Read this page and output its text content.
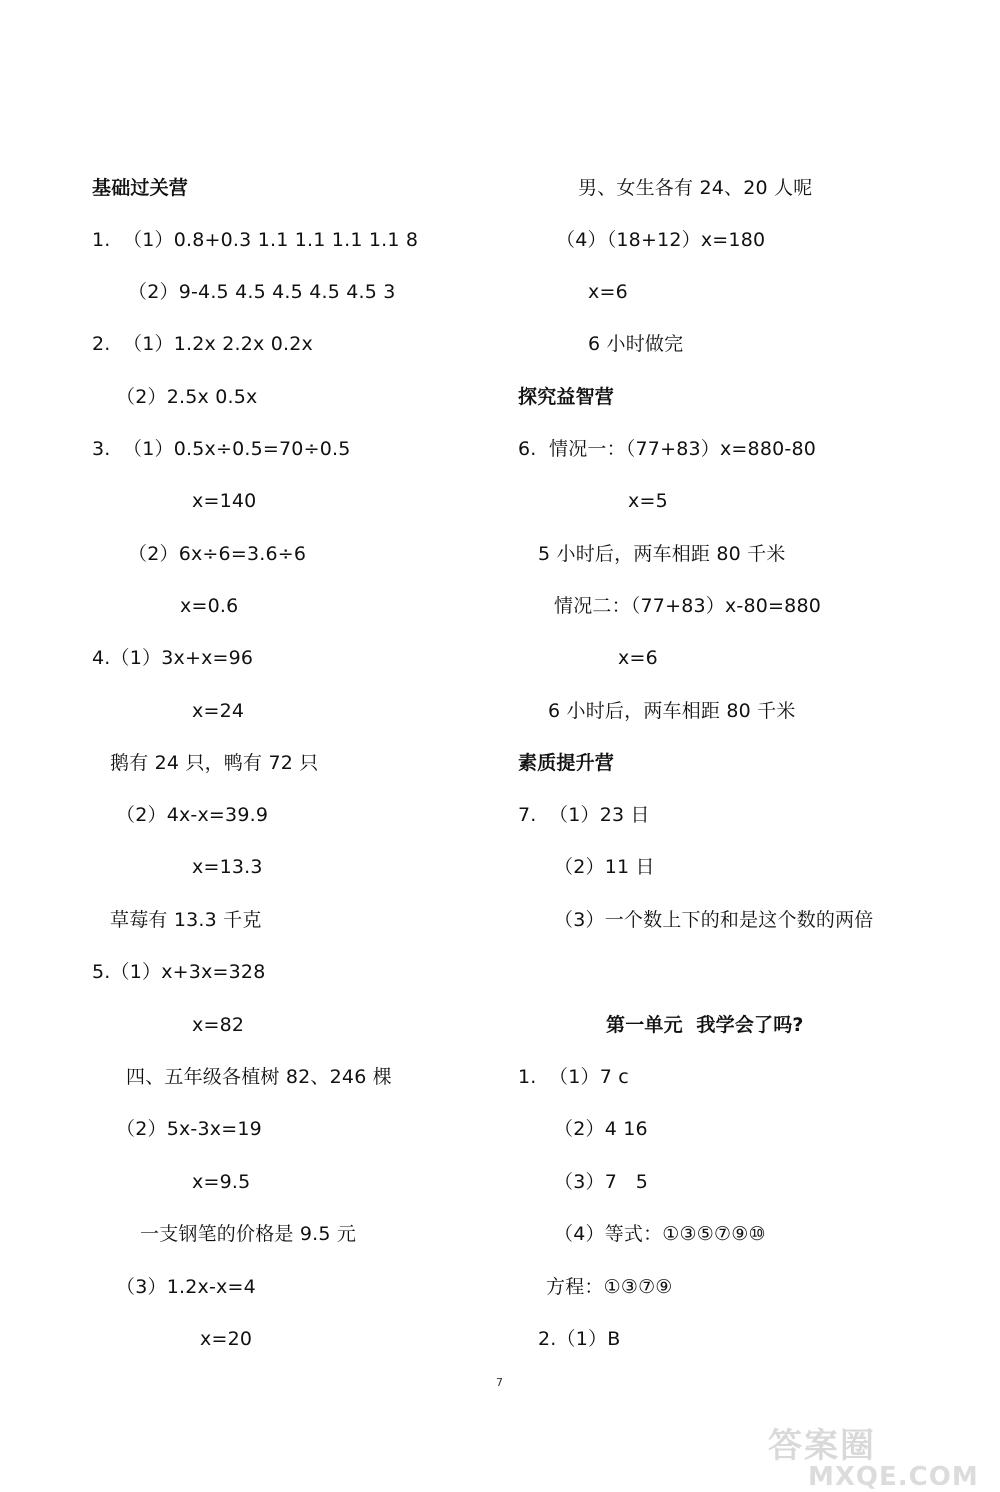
基础过关营
1.  （1）0.8+0.3 1.1 1.1 1.1 1.1 8
（2）9-4.5 4.5 4.5 4.5 4.5 3
2.  （1）1.2x 2.2x 0.2x
（2）2.5x 0.5x
3.  （1）0.5x÷0.5=70÷0.5
x=140
（2）6x÷6=3.6÷6
x=0.6
4.（1）3x+x=96
x=24
鹅有 24 只，鸭有 72 只
（2）4x-x=39.9
x=13.3
草莓有 13.3 千克
5.（1）x+3x=328
x=82
四、五年级各植树 82、246 棵
（2）5x-3x=19
x=9.5
一支钢笔的价格是 9.5 元
（3）1.2x-x=4
x=20
男、女生各有 24、20 人呢
（4）（18+12）x=180
x=6
6 小时做完
探究益智营
6.  情况一：（77+83）x=880-80
x=5
5 小时后，两车相距 80 千米
情况二：（77+83）x-80=880
x=6
6 小时后，两车相距 80 千米
素质提升营
7.  （1）23 日
（2）11 日
（3）一个数上下的和是这个数的两倍
第一单元  我学会了吗?
1.  （1）7 c
（2）4 16
（3）7   5
（4）等式：①③⑤⑦⑨⑩
方程：①③⑦⑨
2.（1）B
7
答案圈
MXQE.COM
